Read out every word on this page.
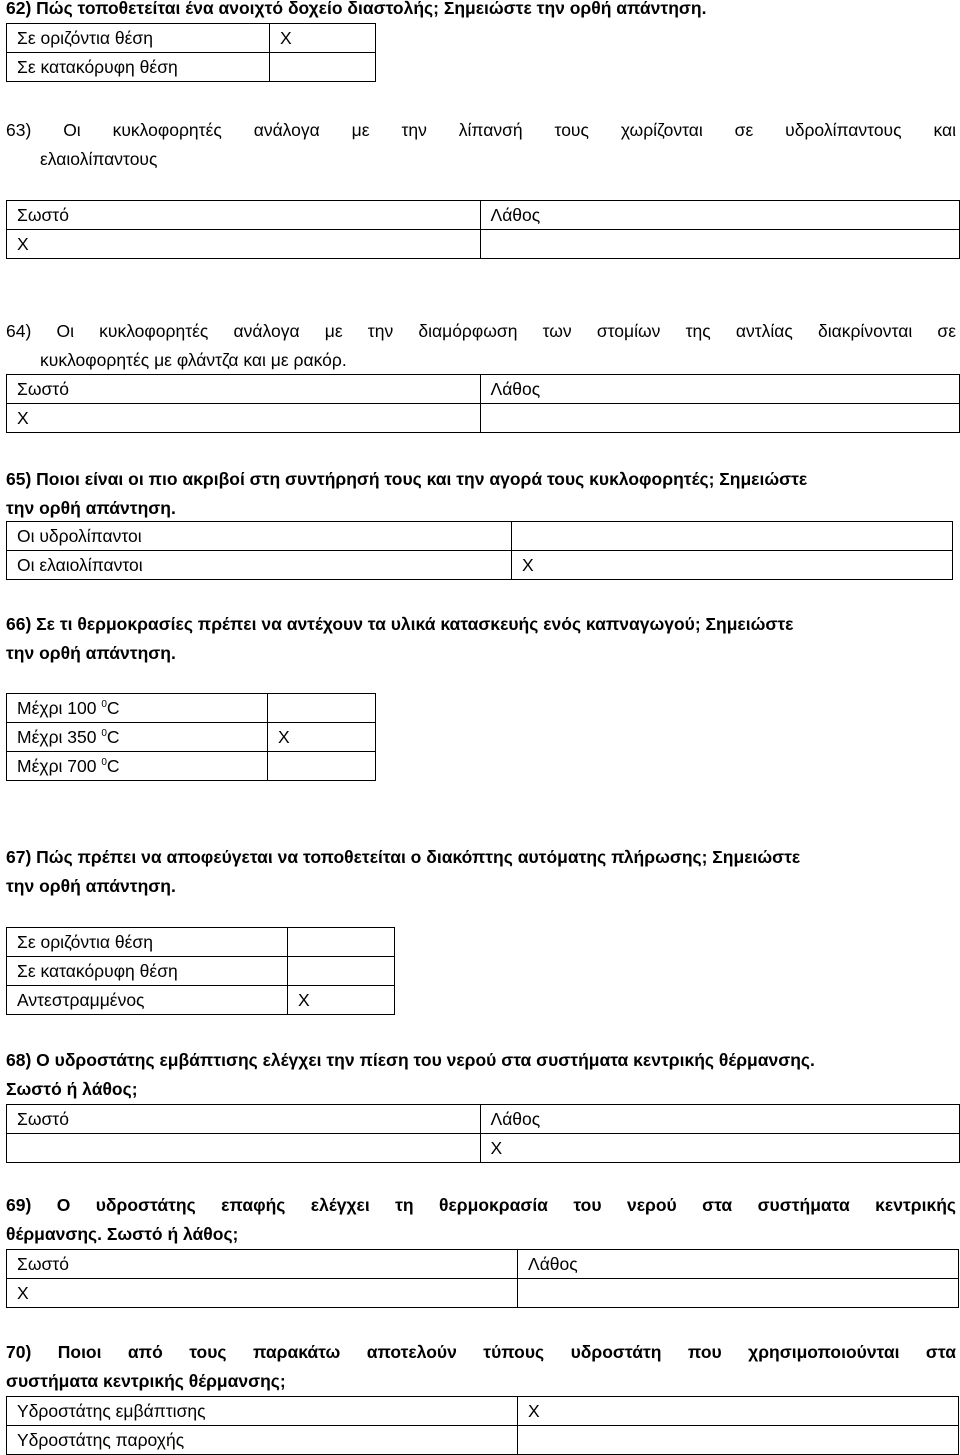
62) Πώς τοποθετείται ένα ανοιχτό δοχείο διαστολής; Σημειώστε την ορθή απάντηση.

Σε οριζόντια θέση	X
Σε κατακόρυφη θέση	

63) Οι κυκλοφορητές ανάλογα με την λίπανσή τους χωρίζονται σε υδρολίπαντους και
ελαιολίπαντους

Σωστό	Λάθος
X	

64) Οι κυκλοφορητές ανάλογα με την διαμόρφωση των στομίων της αντλίας διακρίνονται σε
κυκλοφορητές με φλάντζα και με ρακόρ.

Σωστό	Λάθος
X	

65) Ποιοι είναι οι πιο ακριβοί στη συντήρησή τους και την αγορά τους κυκλοφορητές; Σημειώστε
την ορθή απάντηση.

Οι υδρολίπαντοι	
Οι ελαιολίπαντοι	X

66) Σε τι θερμοκρασίες πρέπει να αντέχουν τα υλικά κατασκευής ενός καπναγωγού; Σημειώστε
την ορθή απάντηση.

Μέχρι 100 $^0$C	
Μέχρι 350 $^0$C	X
Μέχρι 700 $^0$C	

67) Πώς πρέπει να αποφεύγεται να τοποθετείται ο διακόπτης αυτόματης πλήρωσης; Σημειώστε
την ορθή απάντηση.

Σε οριζόντια θέση	
Σε κατακόρυφη θέση	
Αντεστραμμένος	X

68) Ο υδροστάτης εμβάπτισης ελέγχει την πίεση του νερού στα συστήματα κεντρικής θέρμανσης.
Σωστό ή λάθος;

Σωστό	Λάθος
	X

69) Ο υδροστάτης επαφής ελέγχει τη θερμοκρασία του νερού στα συστήματα κεντρικής
θέρμανσης. Σωστό ή λάθος;

Σωστό	Λάθος
X	

70) Ποιοι από τους παρακάτω αποτελούν τύπους υδροστάτη που χρησιμοποιούνται στα
συστήματα κεντρικής θέρμανσης;

Υδροστάτης εμβάπτισης	X
Υδροστάτης παροχής	
